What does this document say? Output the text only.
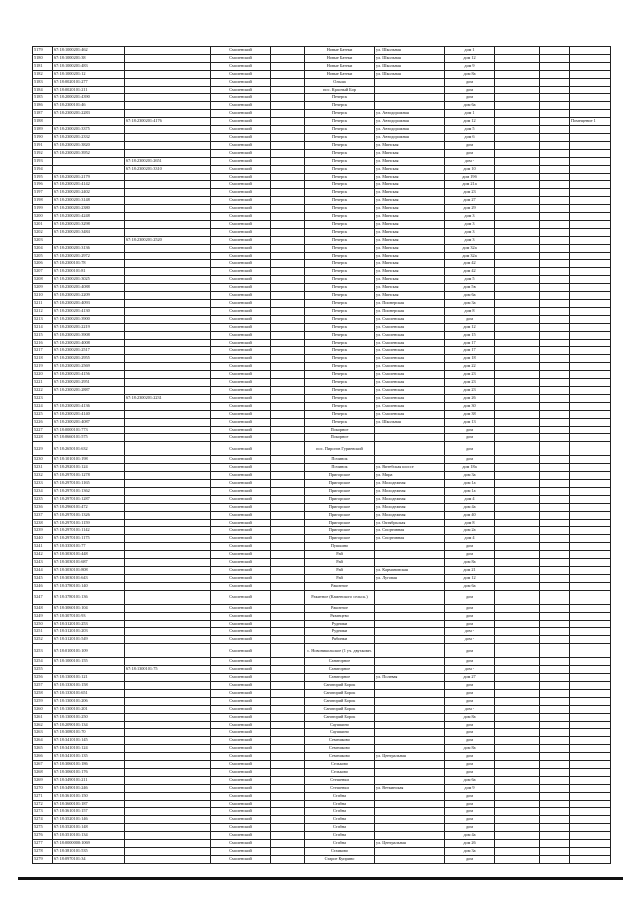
5179	67:18:1000201:462		Смоленский		Новые Батеки	ул. Школьная	дом 1			
5180	67:18:1000201:38		Смоленский		Новые Батеки	ул. Школьная	дом 12			
5181	67:18:1000201:483		Смоленский		Новые Батеки	ул. Школьная	дом 9			
5182	67:18:1000201:12		Смоленский		Новые Батеки	ул. Школьная	дом 8а			
5183	67:18:0020101:277		Смоленский		Ольша		дом			
5184	67:18:0020101:211		Смоленский		пос. Красный Бор		дом			
5185	67:18:2000201:4390		Смоленский		Печерск		дом			
5186	67:18:2300101:46		Смоленский		Печерск		дом 6а			
5187	67:18:2300201:2283		Смоленский		Печерск	ул. Автодорожная	дом 1			
5188		67:18:2300201:4176	Смоленский		Печерск	ул. Автодорожная	дом 12			Помещение 1
5189	67:18:2300201:3375		Смоленский		Печерск	ул. Автодорожная	дом 5			
5190	67:18:2300201:2332		Смоленский		Печерск	ул. Автодорожная	дом 6			
5191	67:18:2300201:3820		Смоленский		Печерск	ул. Минская	дом			
5192	67:18:2300201:3952		Смоленский		Печерск	ул. Минская	дом			
5193		67:18:2300201:2651	Смоленский		Печерск	ул. Минская	дом -			
5194		67:18:2300201:3310	Смоленский		Печерск	ул. Минская	дом 10			
5195	67:18:2300201:2179		Смоленский		Печерск	ул. Минская	дом 19б			
5196	67:18:2300201:4142		Смоленский		Печерск	ул. Минская	дом 21а			
5197	67:18:2300201:2402		Смоленский		Печерск	ул. Минская	дом 23			
5198	67:18:2300201:3148		Смоленский		Печерск	ул. Минская	дом 27			
5199	67:18:2300201:2380		Смоленский		Печерск	ул. Минская	дом 29			
5200	67:18:2300201:4248		Смоленский		Печерск	ул. Минская	дом 3			
5201	67:18:2300201:3298		Смоленский		Печерск	ул. Минская	дом 3			
5202	67:18:2300201:3484		Смоленский		Печерск	ул. Минская	дом 3			
5203		67:18:2300201:2520	Смоленский		Печерск	ул. Минская	дом 3			
5204	67:18:2300201:3136		Смоленский		Печерск	ул. Минская	дом 32а			
5205	67:18:2300201:2972		Смоленский		Печерск	ул. Минская	дом 32а			
5206	67:18:2300101:78		Смоленский		Печерск	ул. Минская	дом 42			
5207	67:18:2300101:81		Смоленский		Печерск	ул. Минская	дом 42			
5208	67:18:2300201:3025		Смоленский		Печерск	ул. Минская	дом 5			
5209	67:18:2300201:4088		Смоленский		Печерск	ул. Минская	дом 5в			
5210	67:18:2300201:2209		Смоленский		Печерск	ул. Минская	дом 6а			
5211	67:18:2300201:4093		Смоленский		Печерск	ул. Пионерская	дом 3а			
5212	67:18:2300201:4130		Смоленский		Печерск	ул. Пионерская	дом 8			
5213	67:18:2300201:3900		Смоленский		Печерск	ул. Смоленская	дом			
5214	67:18:2300201:2219		Смоленский		Печерск	ул. Смоленская	дом 12			
5215	67:18:2300201:3908		Смоленский		Печерск	ул. Смоленская	дом 15			
5216	67:18:2300201:4008		Смоленский		Печерск	ул. Смоленская	дом 17			
5217	67:18:2300201:2517		Смоленский		Печерск	ул. Смоленская	дом 17			
5218	67:18:2300201:2955		Смоленский		Печерск	ул. Смоленская	дом 18			
5219	67:18:2300201:2569		Смоленский		Печерск	ул. Смоленская	дом 22			
5220	67:18:2300201:4156		Смоленский		Печерск	ул. Смоленская	дом 23			
5221	67:18:2300201:2951		Смоленский		Печерск	ул. Смоленская	дом 23			
5222	67:18:2300201:2887		Смоленский		Печерск	ул. Смоленская	дом 23			
5223		67:18:2300201:2231	Смоленский		Печерск	ул. Смоленская	дом 26			
5224	67:18:2300201:4136		Смоленский		Печерск	ул. Смоленская	дом 30			
5225	67:18:2300201:4140		Смоленский		Печерск	ул. Смоленская	дом 38			
5226	67:18:2300201:4087		Смоленский		Печерск	ул. Школьная	дом 13			
5227	67:18:0000101:773		Смоленский		Покорное		дом			
5228	67:18:0660101:575		Смоленский		Покорное		дом			
5229	67:18:2650101:632		Смоленский		пос. Пирогов Гуриевский		дом			
5230	67:18:1010101:198		Смоленский		Починок		дом			
5231	67:18:2920101:124		Смоленский		Починок	ул. Витебская шоссе	дом 18а			
5232	67:18:2970101:1278		Смоленский		Пригорское	ул. Мира	дом 3а			
5233	67:18:2970101:1165		Смоленский		Пригорское	ул. Молодежная	дом 1а			
5234	67:18:2970101:1362		Смоленский		Пригорское	ул. Молодежная	дом 1а			
5235	67:18:2970101:1287		Смоленский		Пригорское	ул. Молодежная	дом 4			
5236	67:18:2960101:472		Смоленский		Пригорское	ул. Молодежная	дом 4а			
5237	67:18:2970101:1326		Смоленский		Пригорское	ул. Молодежная	дом 40			
5238	67:18:2970101:1159		Смоленский		Пригорское	ул. Октябрьская	дом 8			
5239	67:18:2970101:1142		Смоленский		Пригорское	ул. Спортивная	дом 2а			
5240	67:18:2970101:1175		Смоленский		Пригорское	ул. Спортивная	дом 4			
5241	67:18:3350101:77		Смоленский		Пушкино		дом			
5242	67:18:3030101:448		Смоленский		Рай		дом			
5243	67:18:3030101:687		Смоленский		Рай		дом 8а			
5244	67:18:3030101:808		Смоленский		Рай	ул. Кармановская	дом 21			
5245	67:18:3030101:643		Смоленский		Рай	ул. Луговая	дом 12			
5246	67:18:3780101:140		Смоленский		Ракитное		дом 6а			
5247	67:18:3780101:136		Смоленский		Ракитное (Каменского сельск.)		дом			
5248	67:18:3060101:104		Смоленский		Ракитное		дом			
5249	67:18:3070101:93		Смоленский		Рязанцево		дом			
5250	67:18:3120101:253		Смоленский		Рудники		дом			
5251	67:18:3120101:203		Смоленский		Рудники		дом -			
5252	67:18:3120101:549		Смоленский		Рябинки		дом -			
5253	67:18:0100101:109		Смоленский		с. Новоникольское (1 уч. двухкомн.		дом			
5254	67:18:1000101:155		Смоленский		Санаторное		дом			
5255		67:18:1300101:75	Смоленский		Санаторное		дом -			
5256	67:18:1300101:121		Смоленский		Санаторное	ул. Полевая	дом 27			
5257	67:18:1330101:158		Смоленский		Санаторий Борок		дом			
5258	67:18:1330101:651		Смоленский		Санаторий Борок		дом			
5259	67:18:1300101:206		Смоленский		Санаторий Борок		дом			
5260	67:18:1300101:201		Смоленский		Санаторий Борок		дом -			
5261	67:18:1300101:250		Смоленский		Санаторий Борок		дом 8а			
5262	67:18:2090101:134		Смоленский		Саушкино		дом			
5263	67:18:3080101:70		Смоленский		Саушкино		дом			
5264	67:18:3410101:145		Смоленский		Семешково		дом			
5265	67:18:3410101:124		Смоленский		Семешково		дом 8а			
5266	67:18:3410101:135		Смоленский		Семешково	ул. Центральная	дом			
5267	67:18:3060101:186		Смоленский		Сельково		дом			
5268	67:18:3060101:176		Смоленский		Сельково		дом			
5269	67:18:3490101:211		Смоленский		Стешенки		дом 6а			
5270	67:18:3490101:246		Смоленский		Стешенки	ул. Веткинская	дом 9			
5271	67:18:3610101:150		Смоленский		Стабна		дом			
5272	67:18:3600101:187		Смоленский		Стабна		дом			
5273	67:18:3610101:157		Смоленский		Стабна		дом			
5274	67:18:3520101:146		Смоленский		Стабна		дом			
5275	67:18:3520101:148		Смоленский		Стабна		дом			
5276	67:18:3510101:134		Смоленский		Стабна		дом 4а			
5277	67:18:0000000:1069		Смоленский		Стабна	ул. Центральная	дом 26			
5278	67:18:3810101:535		Смоленский		Стаиково		дом 3а			
5279	67:18:0970101:34		Смоленский		Старое Куприно		дом			
